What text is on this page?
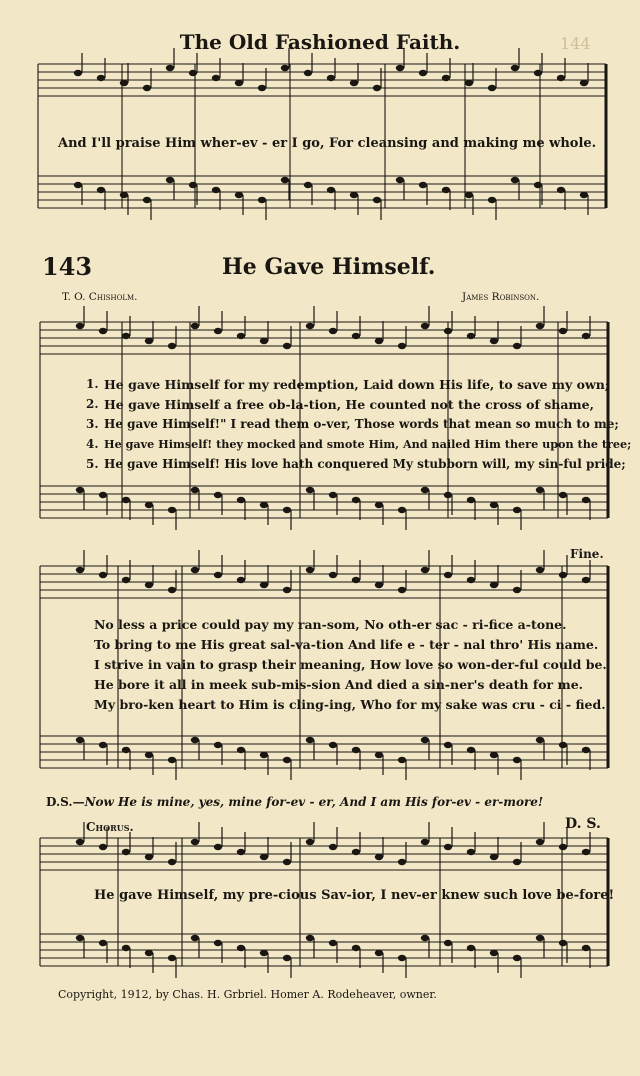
The Old Fashioned Faith.	144
And I'll praise Him wher-ev - er I go, For cleansing and making me whole.
143	He Gave Himself.
T. O. Chisholm.	James Robinson.
1.
2.
3.
4.
5.
He gave Himself for my redemption, Laid down His life, to save my own;
He gave Himself a free ob-la-tion, He counted not the cross of shame,
He gave Himself!" I read them o-ver, Those words that mean so much to me;
He gave Himself! they mocked and smote Him, And nailed Him there upon the tree;
He gave Himself! His love hath conquered My stubborn will, my sin-ful pride;
Fine.
No less a price could pay my ran-som, No oth-er sac - ri-fice a-tone.
To bring to me His great sal-va-tion And life e - ter - nal thro' His name.
I strive in vain to grasp their meaning, How love so won-der-ful could be.
He bore it all in meek sub-mis-sion And died a sin-ner's death for me.
My bro-ken heart to Him is cling-ing, Who for my sake was cru - ci - fied.
D.S.—Now He is mine, yes, mine for-ev - er, And I am His for-ev - er-more!
Chorus.	D. S.
He gave Himself, my pre-cious Sav-ior, I nev-er knew such love be-fore!
Copyright, 1912, by Chas. H. Grbriel. Homer A. Rodeheaver, owner.
